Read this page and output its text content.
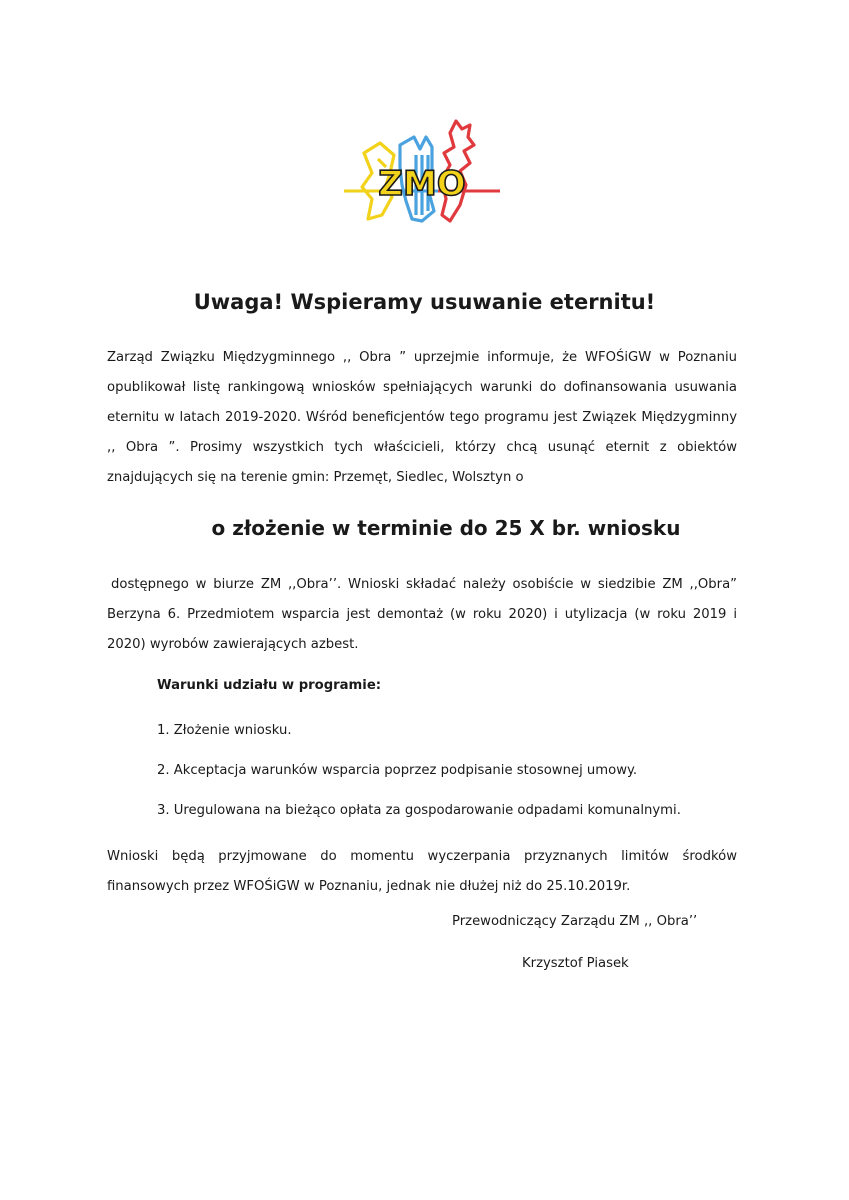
ZMO
Uwaga! Wspieramy usuwanie eternitu!

Zarząd Związku Międzygminnego ,, Obra ” uprzejmie informuje, że WFOŚiGW w Poznaniu opublikował listę rankingową wniosków spełniających warunki do dofinansowania usuwania eternitu w latach 2019-2020. Wśród beneficjentów tego programu jest Związek Międzygminny ,, Obra ”. Prosimy wszystkich tych właścicieli, którzy chcą usunąć eternit z obiektów znajdujących się na terenie gmin: Przemęt, Siedlec, Wolsztyn o

o złożenie w terminie do 25 X br. wniosku

dostępnego w biurze ZM ,,Obra’’. Wnioski składać należy osobiście w siedzibie ZM ,,Obra” Berzyna 6. Przedmiotem wsparcia jest demontaż (w roku 2020) i utylizacja (w roku 2019 i 2020) wyrobów zawierających azbest.

Warunki udziału w programie:

1. Złożenie wniosku.
2. Akceptacja warunków wsparcia poprzez podpisanie stosownej umowy.
3. Uregulowana na bieżąco opłata za gospodarowanie odpadami komunalnymi.

Wnioski będą przyjmowane do momentu wyczerpania przyznanych limitów środków finansowych przez WFOŚiGW w Poznaniu, jednak nie dłużej niż do 25.10.2019r.

Przewodniczący Zarządu ZM ,, Obra’’

Krzysztof Piasek
